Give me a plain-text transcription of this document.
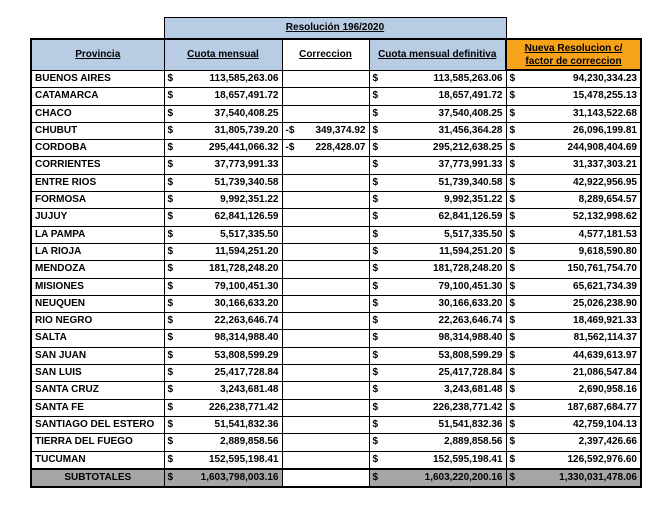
	Resolución 196/2020			
Provincia	Cuota mensual	Correccion	Cuota mensual definitiva	Nueva Resolucion c/
factor de correccion

BUENOS AIRES	$ 113,585,263.06		$ 113,585,263.06	$ 94,230,334.23

CATAMARCA	$ 18,657,491.72		$ 18,657,491.72	$ 15,478,255.13

CHACO	$ 37,540,408.25		$ 37,540,408.25	$ 31,143,522.68

CHUBUT	$ 31,805,739.20	-$ 349,374.92	$ 31,456,364.28	$ 26,096,199.81

CORDOBA	$ 295,441,066.32	-$ 228,428.07	$ 295,212,638.25	$ 244,908,404.69

CORRIENTES	$ 37,773,991.33		$ 37,773,991.33	$ 31,337,303.21

ENTRE RIOS	$ 51,739,340.58		$ 51,739,340.58	$ 42,922,956.95

FORMOSA	$ 9,992,351.22		$ 9,992,351.22	$ 8,289,654.57

JUJUY	$ 62,841,126.59		$ 62,841,126.59	$ 52,132,998.62

LA PAMPA	$ 5,517,335.50		$ 5,517,335.50	$ 4,577,181.53

LA RIOJA	$ 11,594,251.20		$ 11,594,251.20	$ 9,618,590.80

MENDOZA	$ 181,728,248.20		$ 181,728,248.20	$ 150,761,754.70

MISIONES	$ 79,100,451.30		$ 79,100,451.30	$ 65,621,734.39

NEUQUEN	$ 30,166,633.20		$ 30,166,633.20	$ 25,026,238.90

RIO NEGRO	$ 22,263,646.74		$ 22,263,646.74	$ 18,469,921.33

SALTA	$ 98,314,988.40		$ 98,314,988.40	$ 81,562,114.37

SAN JUAN	$ 53,808,599.29		$ 53,808,599.29	$ 44,639,613.97

SAN LUIS	$ 25,417,728.84		$ 25,417,728.84	$ 21,086,547.84

SANTA CRUZ	$ 3,243,681.48		$ 3,243,681.48	$ 2,690,958.16

SANTA FE	$ 226,238,771.42		$ 226,238,771.42	$ 187,687,684.77

SANTIAGO DEL ESTERO	$ 51,541,832.36		$ 51,541,832.36	$ 42,759,104.13

TIERRA DEL FUEGO	$ 2,889,858.56		$ 2,889,858.56	$ 2,397,426.66

TUCUMAN	$ 152,595,198.41		$ 152,595,198.41	$ 126,592,976.60

SUBTOTALES	$ 1,603,798,003.16		$ 1,603,220,200.16	$ 1,330,031,478.06
